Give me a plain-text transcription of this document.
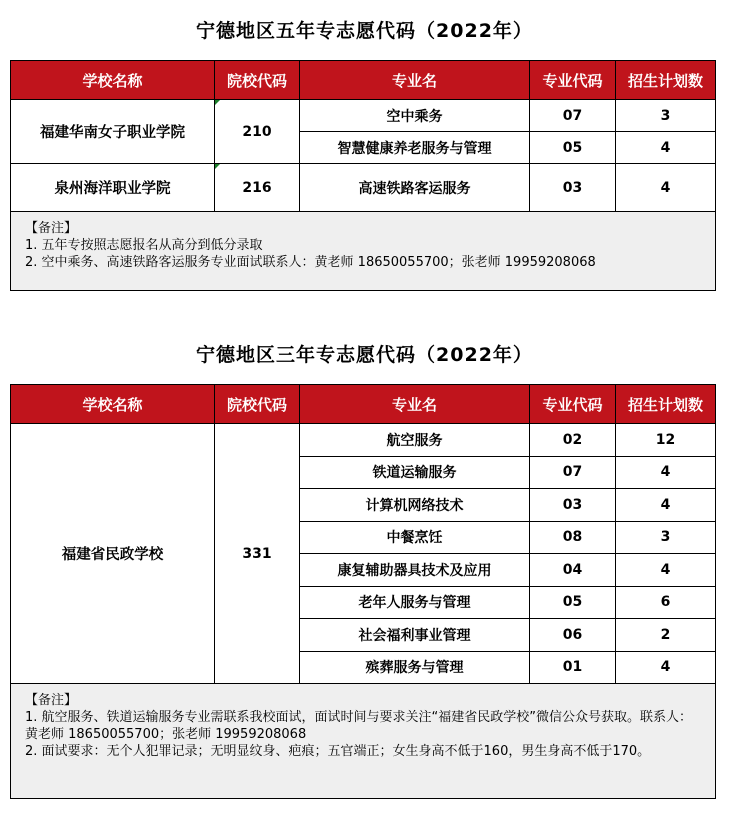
宁德地区五年专志愿代码（2022年）
学校名称	院校代码	专业名	专业代码	招生计划数
福建华南女子职业学院	210	空中乘务	07	3
		智慧健康养老服务与管理	05	4
泉州海洋职业学院	216	高速铁路客运服务	03	4

【备注】
1. 五年专按照志愿报名从高分到低分录取
2. 空中乘务、高速铁路客运服务专业面试联系人：黄老师 18650055700；张老师 19959208068				
宁德地区三年专志愿代码（2022年）
学校名称	院校代码	专业名	专业代码	招生计划数
福建省民政学校	331	航空服务	02	12
		铁道运输服务	07	4
		计算机网络技术	03	4
		中餐烹饪	08	3
		康复辅助器具技术及应用	04	4
		老年人服务与管理	05	6
		社会福利事业管理	06	2
		殡葬服务与管理	01	4

【备注】
1. 航空服务、铁道运输服务专业需联系我校面试，面试时间与要求关注“福建省民政学校”微信公众号获取。联系人：黄老师 18650055700；张老师 19959208068
2. 面试要求：无个人犯罪记录；无明显纹身、疤痕；五官端正；女生身高不低于160，男生身高不低于170。				
